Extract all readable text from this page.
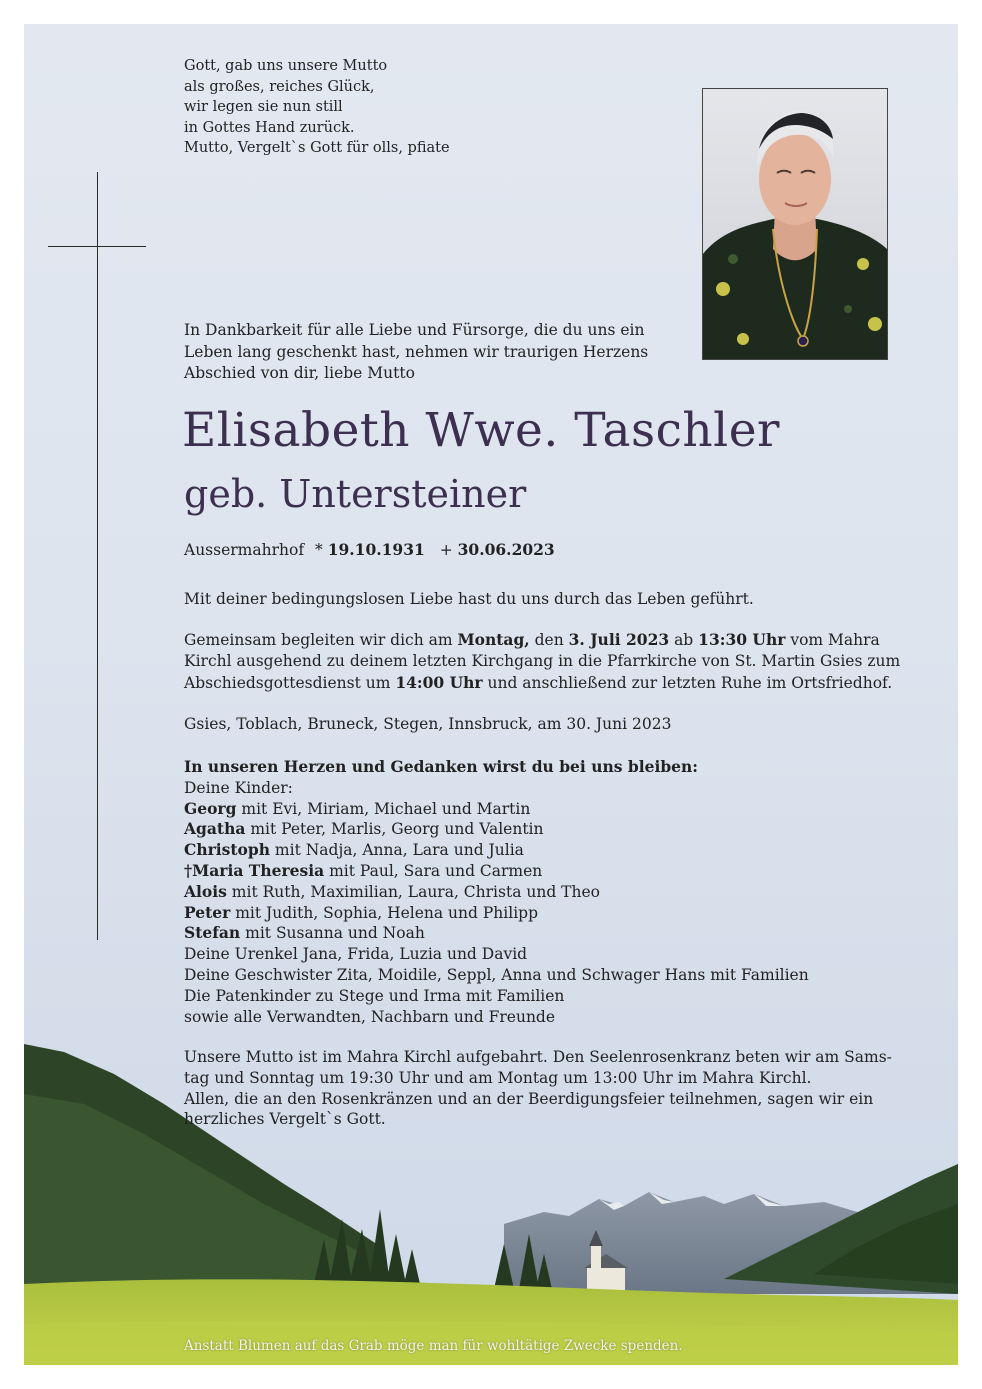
Gott, gab uns unsere Mutto
als großes, reiches Glück,
wir legen sie nun still
in Gottes Hand zurück.
Mutto, Vergelt`s Gott für olls, pfiate
In Dankbarkeit für alle Liebe und Fürsorge, die du uns ein
Leben lang geschenkt hast, nehmen wir traurigen Herzens
Abschied von dir, liebe Mutto
Elisabeth Wwe. Taschler
geb. Untersteiner
Aussermahrhof * 19.10.1931 + 30.06.2023
Mit deiner bedingungslosen Liebe hast du uns durch das Leben geführt.
Gemeinsam begleiten wir dich am Montag, den 3. Juli 2023 ab 13:30 Uhr vom Mahra
Kirchl ausgehend zu deinem letzten Kirchgang in die Pfarrkirche von St. Martin Gsies zum
Abschiedsgottesdienst um 14:00 Uhr und anschließend zur letzten Ruhe im Ortsfriedhof.
Gsies, Toblach, Bruneck, Stegen, Innsbruck, am 30. Juni 2023
In unseren Herzen und Gedanken wirst du bei uns bleiben:
Deine Kinder:
Georg mit Evi, Miriam, Michael und Martin
Agatha mit Peter, Marlis, Georg und Valentin
Christoph mit Nadja, Anna, Lara und Julia
†Maria Theresia mit Paul, Sara und Carmen
Alois mit Ruth, Maximilian, Laura, Christa und Theo
Peter mit Judith, Sophia, Helena und Philipp
Stefan mit Susanna und Noah
Deine Urenkel Jana, Frida, Luzia und David
Deine Geschwister Zita, Moidile, Seppl, Anna und Schwager Hans mit Familien
Die Patenkinder zu Stege und Irma mit Familien
sowie alle Verwandten, Nachbarn und Freunde
Unsere Mutto ist im Mahra Kirchl aufgebahrt. Den Seelenrosenkranz beten wir am Sams-
tag und Sonntag um 19:30 Uhr und am Montag um 13:00 Uhr im Mahra Kirchl.
Allen, die an den Rosenkränzen und an der Beerdigungsfeier teilnehmen, sagen wir ein
herzliches Vergelt`s Gott.
Anstatt Blumen auf das Grab möge man für wohltätige Zwecke spenden.
